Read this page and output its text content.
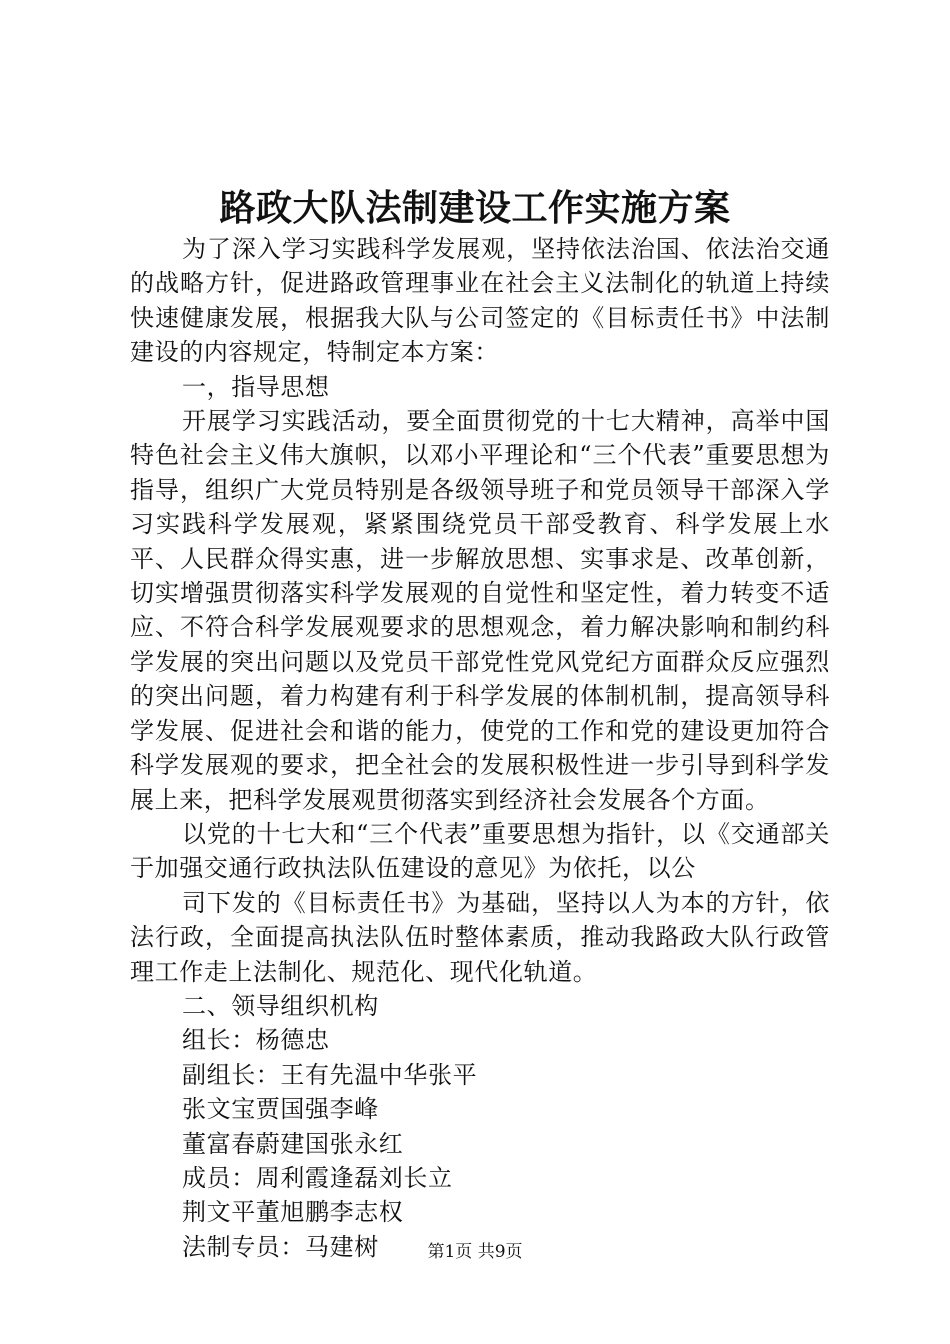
路政大队法制建设工作实施方案

为了深入学习实践科学发展观，坚持依法治国、依法治交通的战略方针，促进路政管理事业在社会主义法制化的轨道上持续快速健康发展，根据我大队与公司签定的《目标责任书》中法制建设的内容规定，特制定本方案：

一，指导思想

开展学习实践活动，要全面贯彻党的十七大精神，高举中国特色社会主义伟大旗帜，以邓小平理论和“三个代表”重要思想为指导，组织广大党员特别是各级领导班子和党员领导干部深入学习实践科学发展观，紧紧围绕党员干部受教育、科学发展上水平、人民群众得实惠，进一步解放思想、实事求是、改革创新，切实增强贯彻落实科学发展观的自觉性和坚定性，着力转变不适应、不符合科学发展观要求的思想观念，着力解决影响和制约科学发展的突出问题以及党员干部党性党风党纪方面群众反应强烈的突出问题，着力构建有利于科学发展的体制机制，提高领导科学发展、促进社会和谐的能力，使党的工作和党的建设更加符合科学发展观的要求，把全社会的发展积极性进一步引导到科学发展上来，把科学发展观贯彻落实到经济社会发展各个方面。

以党的十七大和“三个代表”重要思想为指针，以《交通部关于加强交通行政执法队伍建设的意见》为依托，以公

司下发的《目标责任书》为基础，坚持以人为本的方针，依法行政，全面提高执法队伍时整体素质，推动我路政大队行政管理工作走上法制化、规范化、现代化轨道。

二、领导组织机构

组长：杨德忠

副组长：王有先温中华张平

张文宝贾国强李峰

董富春蔚建国张永红

成员：周利霞逢磊刘长立

荆文平董旭鹏李志权

法制专员：马建树	第1页 共9页
